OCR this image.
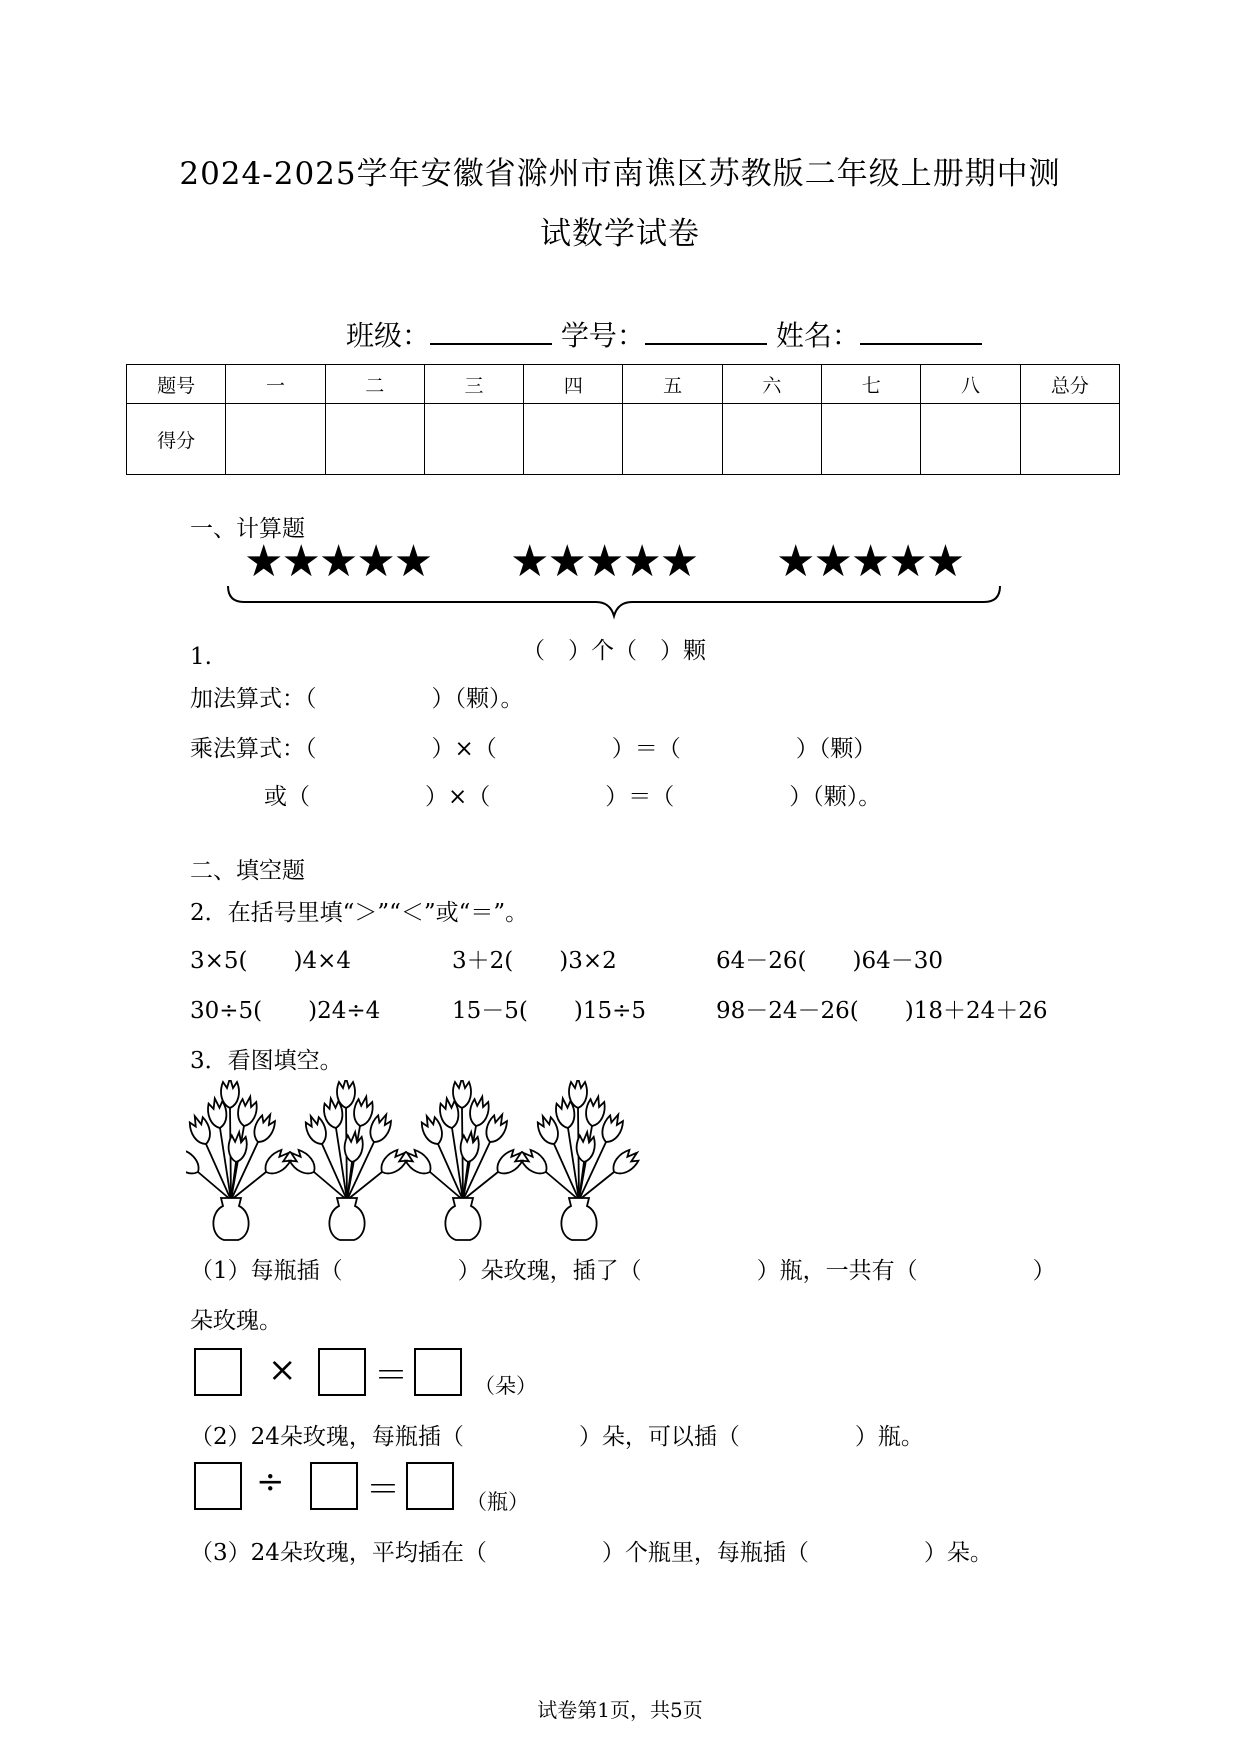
2024-2025学年安徽省滁州市南谯区苏教版二年级上册期中测
试数学试卷
班级：	学号：	姓名：
题号	一	二	三	四	五	六	七	八	总分
得分									
一、计算题
★★★★★ ★★★★★ ★★★★★
1.	（　）个（　）颗
加法算式：（　　　　　）（颗）。
乘法算式：（　　　　　）×（　　　　　）＝（　　　　　）（颗）
或（　　　　　）×（　　　　　）＝（　　　　　）（颗）。
二、填空题
2．在括号里填“＞”“＜”或“＝”。
3×5(　　)4×4	3＋2(　　)3×2	64－26(　　)64－30
30÷5(　　)24÷4	15－5(　　)15÷5	98－24－26(　　)18＋24＋26
3．看图填空。
（1）每瓶插（　　　　　）朵玫瑰，插了（　　　　　）瓶，一共有（　　　　　）
朵玫瑰。
× ＝	（朵）
（2）24朵玫瑰，每瓶插（　　　　　）朵，可以插（　　　　　）瓶。
÷ ＝	（瓶）
（3）24朵玫瑰，平均插在（　　　　　）个瓶里，每瓶插（　　　　　）朵。
试卷第1页，共5页
